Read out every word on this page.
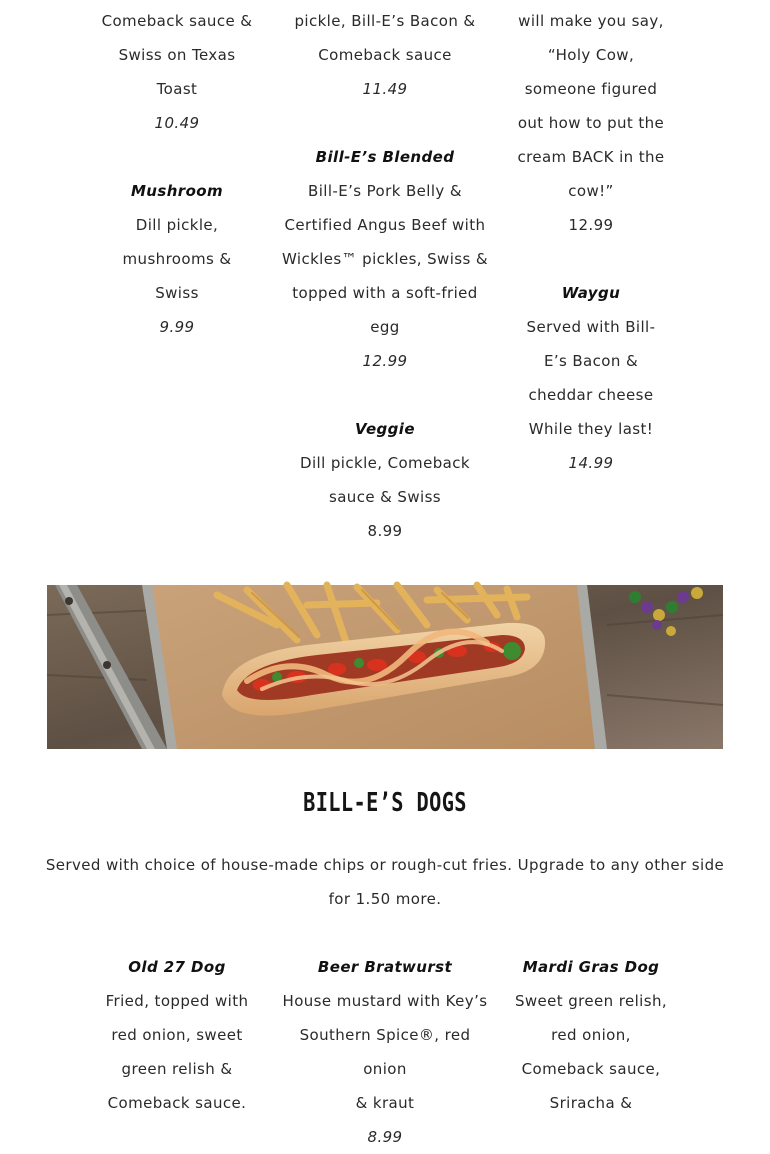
Comeback sauce &
Swiss on Texas
Toast
10.49
Mushroom
Dill pickle,
mushrooms &
Swiss
9.99
pickle, Bill-E’s Bacon &
Comeback sauce
11.49
Bill-E’s Blended
Bill-E’s Pork Belly &
Certified Angus Beef with
Wickles™ pickles, Swiss &
topped with a soft-fried
egg
12.99
Veggie
Dill pickle, Comeback
sauce & Swiss
8.99
will make you say,
“Holy Cow,
someone figured
out how to put the
cream BACK in the
cow!”
12.99
Waygu
Served with Bill-
E’s Bacon &
cheddar cheese
While they last!
14.99
BILL-E’S DOGS

Served with choice of house-made chips or rough-cut fries. Upgrade to any other side for 1.50 more.

Old 27 Dog
Fried, topped with
red onion, sweet
green relish &
Comeback sauce.
Beer Bratwurst
House mustard with Key’s
Southern Spice®, red onion
& kraut
8.99
Mardi Gras Dog
Sweet green relish,
red onion,
Comeback sauce,
Sriracha &
